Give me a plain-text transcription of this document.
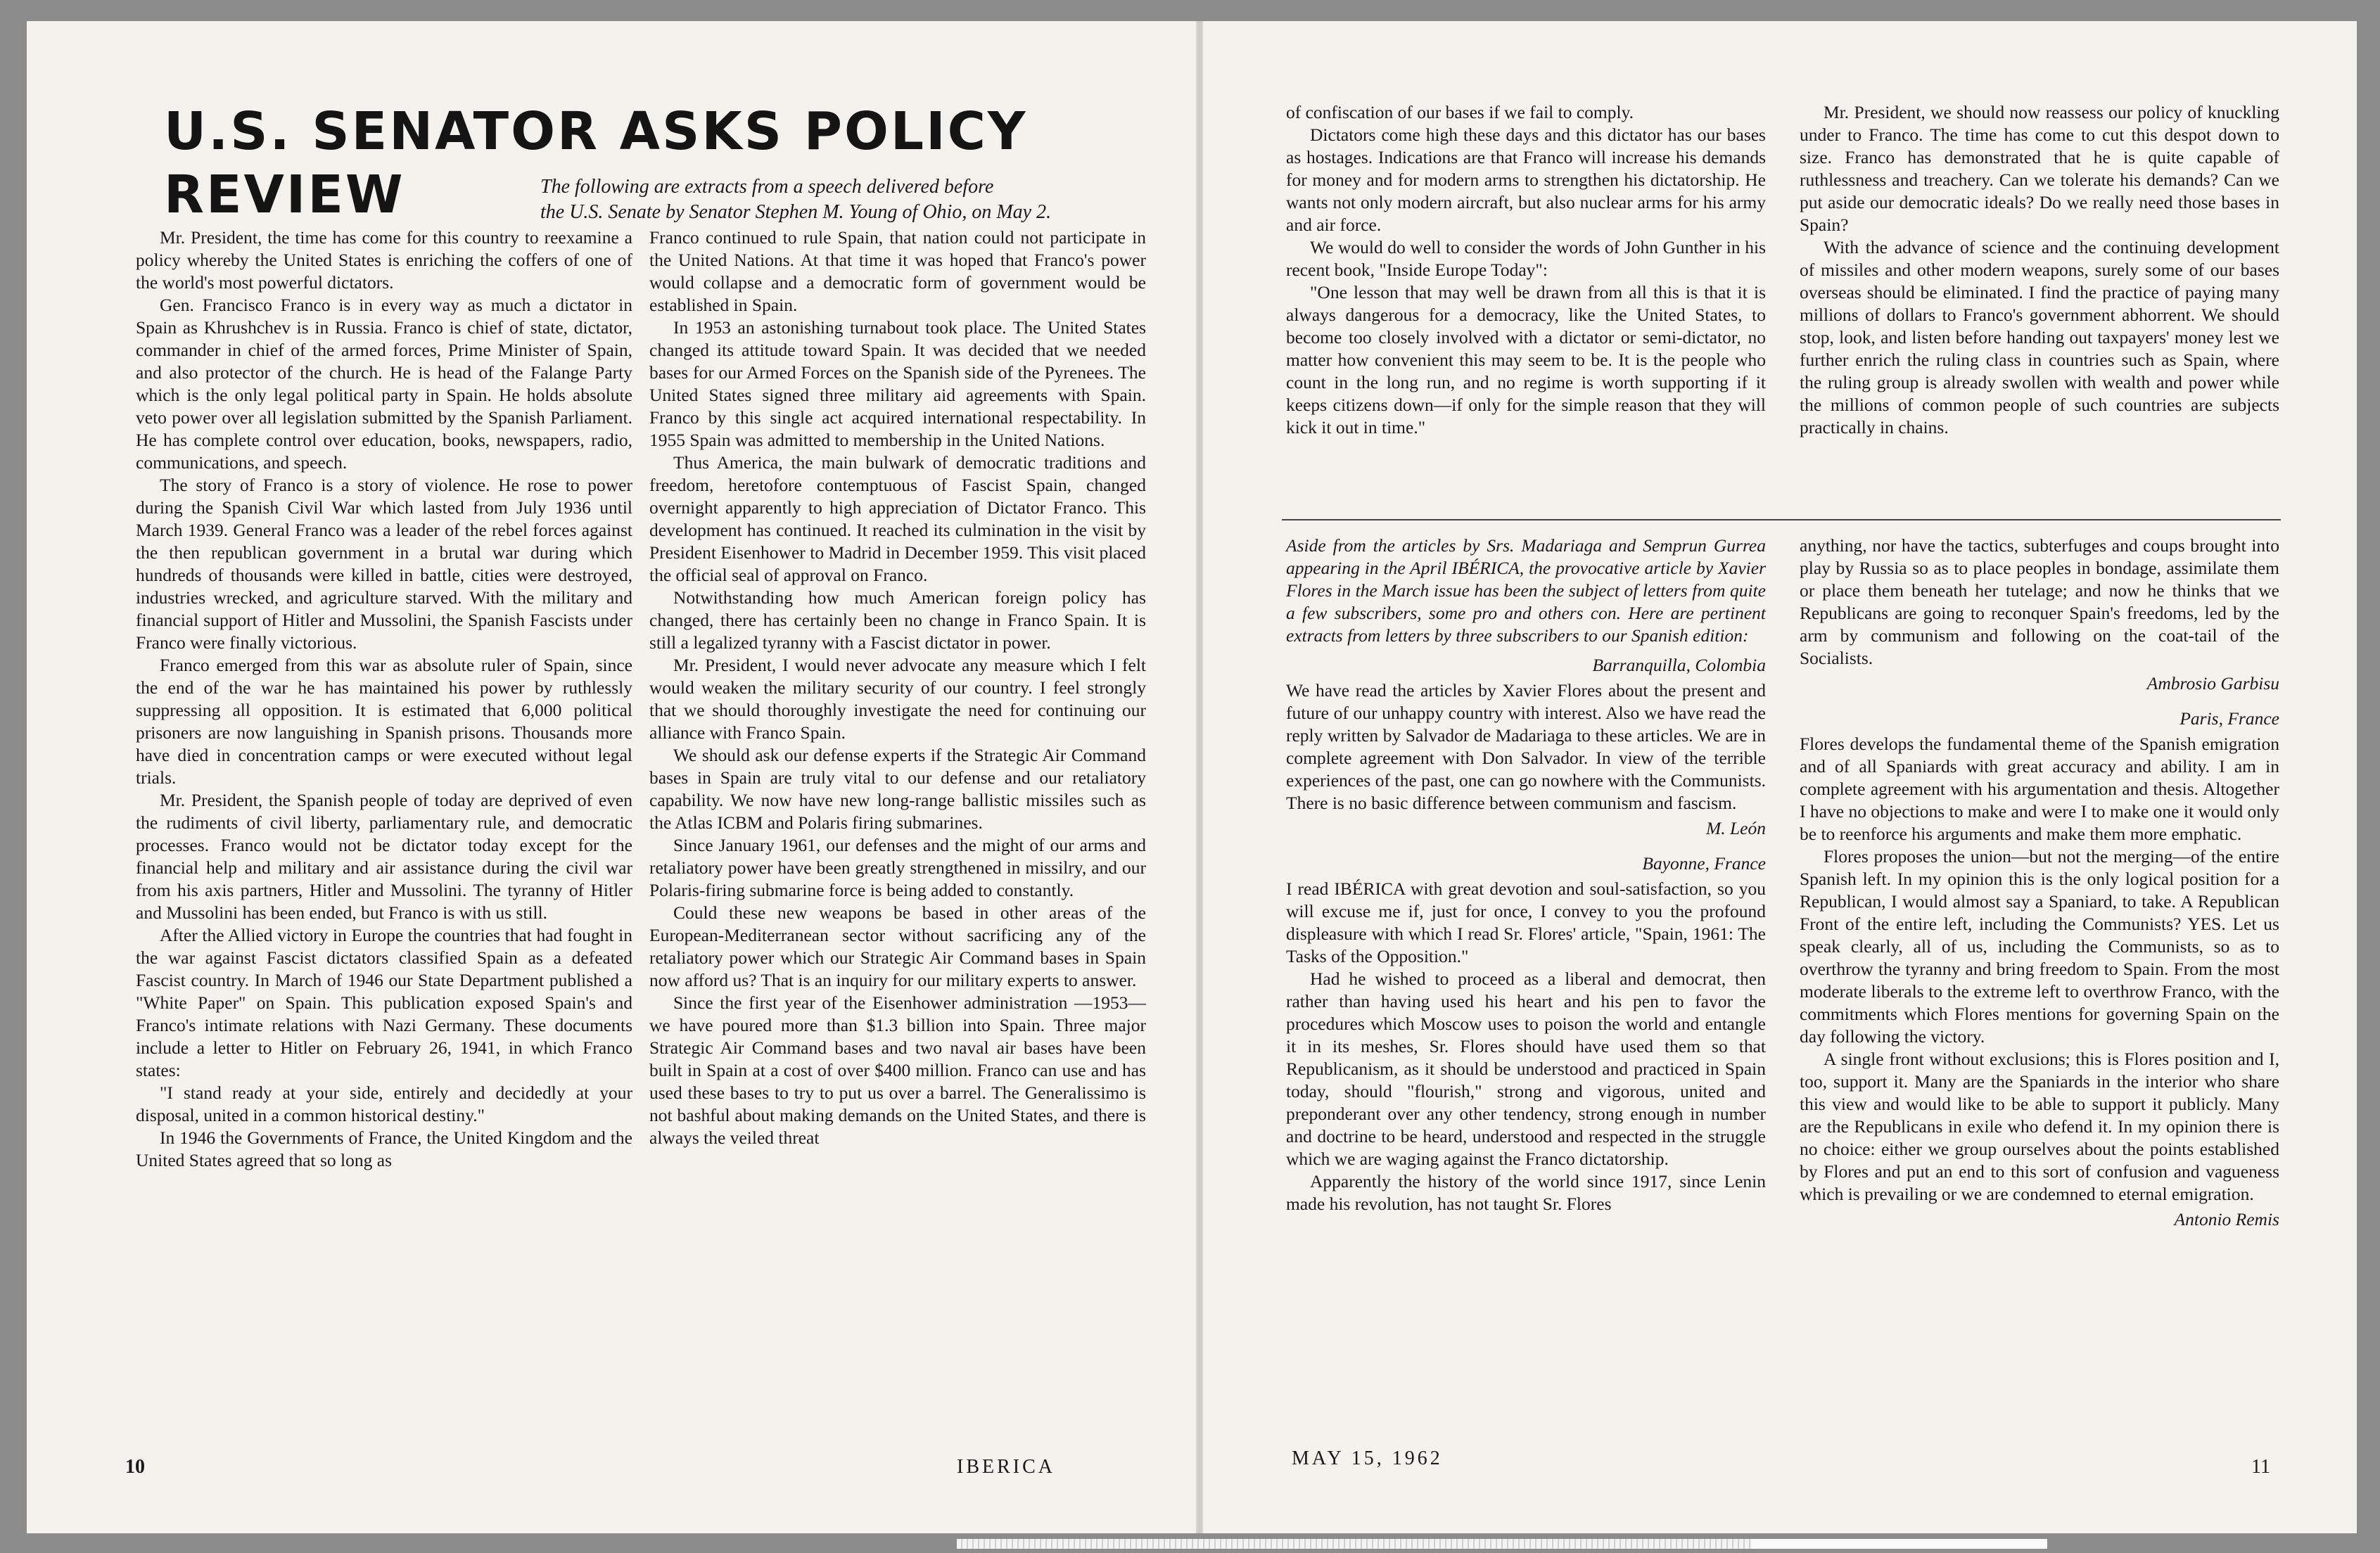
U.S. SENATOR ASKS POLICY REVIEW	The following are extracts from a speech delivered before
the U.S. Senate by Senator Stephen M. Young of Ohio, on May 2.

Mr. President, the time has come for this country to reexamine a policy whereby the United States is enriching the coffers of one of the world's most powerful dictators.

Gen. Francisco Franco is in every way as much a dictator in Spain as Khrushchev is in Russia. Franco is chief of state, dictator, commander in chief of the armed forces, Prime Minister of Spain, and also protector of the church. He is head of the Falange Party which is the only legal political party in Spain. He holds absolute veto power over all legislation submitted by the Spanish Parliament. He has complete control over education, books, newspapers, radio, communications, and speech.

The story of Franco is a story of violence. He rose to power during the Spanish Civil War which lasted from July 1936 until March 1939. General Franco was a leader of the rebel forces against the then republican government in a brutal war during which hundreds of thousands were killed in battle, cities were destroyed, industries wrecked, and agriculture starved. With the military and financial support of Hitler and Mussolini, the Spanish Fascists under Franco were finally victorious.

Franco emerged from this war as absolute ruler of Spain, since the end of the war he has maintained his power by ruthlessly suppressing all opposition. It is estimated that 6,000 political prisoners are now languishing in Spanish prisons. Thousands more have died in concentration camps or were executed without legal trials.

Mr. President, the Spanish people of today are deprived of even the rudiments of civil liberty, parliamentary rule, and democratic processes. Franco would not be dictator today except for the financial help and military and air assistance during the civil war from his axis partners, Hitler and Mussolini. The tyranny of Hitler and Mussolini has been ended, but Franco is with us still.

After the Allied victory in Europe the countries that had fought in the war against Fascist dictators classified Spain as a defeated Fascist country. In March of 1946 our State Department published a "White Paper" on Spain. This publication exposed Spain's and Franco's intimate relations with Nazi Germany. These documents include a letter to Hitler on February 26, 1941, in which Franco states:

"I stand ready at your side, entirely and decidedly at your disposal, united in a common historical destiny."

In 1946 the Governments of France, the United Kingdom and the United States agreed that so long as

Franco continued to rule Spain, that nation could not participate in the United Nations. At that time it was hoped that Franco's power would collapse and a democratic form of government would be established in Spain.

In 1953 an astonishing turnabout took place. The United States changed its attitude toward Spain. It was decided that we needed bases for our Armed Forces on the Spanish side of the Pyrenees. The United States signed three military aid agreements with Spain. Franco by this single act acquired international respectability. In 1955 Spain was admitted to membership in the United Nations.

Thus America, the main bulwark of democratic traditions and freedom, heretofore contemptuous of Fascist Spain, changed overnight apparently to high appreciation of Dictator Franco. This development has continued. It reached its culmination in the visit by President Eisenhower to Madrid in December 1959. This visit placed the official seal of approval on Franco.

Notwithstanding how much American foreign policy has changed, there has certainly been no change in Franco Spain. It is still a legalized tyranny with a Fascist dictator in power.

Mr. President, I would never advocate any measure which I felt would weaken the military security of our country. I feel strongly that we should thoroughly investigate the need for continuing our alliance with Franco Spain.

We should ask our defense experts if the Strategic Air Command bases in Spain are truly vital to our defense and our retaliatory capability. We now have new long-range ballistic missiles such as the Atlas ICBM and Polaris firing submarines.

Since January 1961, our defenses and the might of our arms and retaliatory power have been greatly strengthened in missilry, and our Polaris-firing submarine force is being added to constantly.

Could these new weapons be based in other areas of the European-Mediterranean sector without sacrificing any of the retaliatory power which our Strategic Air Command bases in Spain now afford us? That is an inquiry for our military experts to answer.

Since the first year of the Eisenhower administration —1953—we have poured more than $1.3 billion into Spain. Three major Strategic Air Command bases and two naval air bases have been built in Spain at a cost of over $400 million. Franco can use and has used these bases to try to put us over a barrel. The Generalissimo is not bashful about making demands on the United States, and there is always the veiled threat

10	IBERICA

of confiscation of our bases if we fail to comply.

Dictators come high these days and this dictator has our bases as hostages. Indications are that Franco will increase his demands for money and for modern arms to strengthen his dictatorship. He wants not only modern aircraft, but also nuclear arms for his army and air force.

We would do well to consider the words of John Gunther in his recent book, "Inside Europe Today":

"One lesson that may well be drawn from all this is that it is always dangerous for a democracy, like the United States, to become too closely involved with a dictator or semi-dictator, no matter how convenient this may seem to be. It is the people who count in the long run, and no regime is worth supporting if it keeps citizens down—if only for the simple reason that they will kick it out in time."

Mr. President, we should now reassess our policy of knuckling under to Franco. The time has come to cut this despot down to size. Franco has demonstrated that he is quite capable of ruthlessness and treachery. Can we tolerate his demands? Can we put aside our democratic ideals? Do we really need those bases in Spain?

With the advance of science and the continuing development of missiles and other modern weapons, surely some of our bases overseas should be eliminated. I find the practice of paying many millions of dollars to Franco's government abhorrent. We should stop, look, and listen before handing out taxpayers' money lest we further enrich the ruling class in countries such as Spain, where the ruling group is already swollen with wealth and power while the millions of common people of such countries are subjects practically in chains.

Aside from the articles by Srs. Madariaga and Semprun Gurrea appearing in the April IBÉRICA, the provocative article by Xavier Flores in the March issue has been the subject of letters from quite a few subscribers, some pro and others con. Here are pertinent extracts from letters by three subscribers to our Spanish edition:

Barranquilla, Colombia

We have read the articles by Xavier Flores about the present and future of our unhappy country with interest. Also we have read the reply written by Salvador de Madariaga to these articles. We are in complete agreement with Don Salvador. In view of the terrible experiences of the past, one can go nowhere with the Communists. There is no basic difference between communism and fascism.

M. León

Bayonne, France

I read IBÉRICA with great devotion and soul-satisfaction, so you will excuse me if, just for once, I convey to you the profound displeasure with which I read Sr. Flores' article, "Spain, 1961: The Tasks of the Opposition."

Had he wished to proceed as a liberal and democrat, then rather than having used his heart and his pen to favor the procedures which Moscow uses to poison the world and entangle it in its meshes, Sr. Flores should have used them so that Republicanism, as it should be understood and practiced in Spain today, should "flourish," strong and vigorous, united and preponderant over any other tendency, strong enough in number and doctrine to be heard, understood and respected in the struggle which we are waging against the Franco dictatorship.

Apparently the history of the world since 1917, since Lenin made his revolution, has not taught Sr. Flores

anything, nor have the tactics, subterfuges and coups brought into play by Russia so as to place peoples in bondage, assimilate them or place them beneath her tutelage; and now he thinks that we Republicans are going to reconquer Spain's freedoms, led by the arm by communism and following on the coat-tail of the Socialists.

Ambrosio Garbisu

Paris, France

Flores develops the fundamental theme of the Spanish emigration and of all Spaniards with great accuracy and ability. I am in complete agreement with his argumentation and thesis. Altogether I have no objections to make and were I to make one it would only be to reenforce his arguments and make them more emphatic.

Flores proposes the union—but not the merging—of the entire Spanish left. In my opinion this is the only logical position for a Republican, I would almost say a Spaniard, to take. A Republican Front of the entire left, including the Communists? YES. Let us speak clearly, all of us, including the Communists, so as to overthrow the tyranny and bring freedom to Spain. From the most moderate liberals to the extreme left to overthrow Franco, with the commitments which Flores mentions for governing Spain on the day following the victory.

A single front without exclusions; this is Flores position and I, too, support it. Many are the Spaniards in the interior who share this view and would like to be able to support it publicly. Many are the Republicans in exile who defend it. In my opinion there is no choice: either we group ourselves about the points established by Flores and put an end to this sort of confusion and vagueness which is prevailing or we are condemned to eternal emigration.

Antonio Remis

MAY 15, 1962	11
